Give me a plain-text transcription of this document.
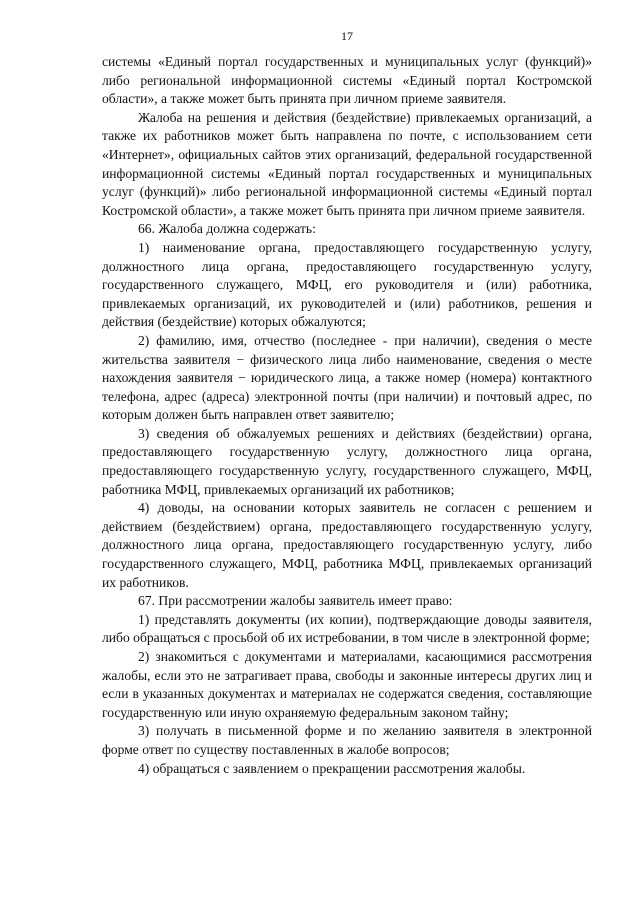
17

системы «Единый портал государственных и муниципальных услуг (функций)» либо региональной информационной системы «Единый портал Костромской области», а также может быть принята при личном приеме заявителя.

Жалоба на решения и действия (бездействие) привлекаемых организаций, а также их работников может быть направлена по почте, с использованием сети «Интернет», официальных сайтов этих организаций, федеральной государственной информационной системы «Единый портал государственных и муниципальных услуг (функций)» либо региональной информационной системы «Единый портал Костромской области», а также может быть принята при личном приеме заявителя.

66. Жалоба должна содержать:

1) наименование органа, предоставляющего государственную услугу, должностного лица органа, предоставляющего государственную услугу, государственного служащего, МФЦ, его руководителя и (или) работника, привлекаемых организаций, их руководителей и (или) работников, решения и действия (бездействие) которых обжалуются;

2) фамилию, имя, отчество (последнее - при наличии), сведения о месте жительства заявителя − физического лица либо наименование, сведения о месте нахождения заявителя − юридического лица, а также номер (номера) контактного телефона, адрес (адреса) электронной почты (при наличии) и почтовый адрес, по которым должен быть направлен ответ заявителю;

3) сведения об обжалуемых решениях и действиях (бездействии) органа, предоставляющего государственную услугу, должностного лица органа, предоставляющего государственную услугу, государственного служащего, МФЦ, работника МФЦ, привлекаемых организаций их работников;

4) доводы, на основании которых заявитель не согласен с решением и действием (бездействием) органа, предоставляющего государственную услугу, должностного лица органа, предоставляющего государственную услугу, либо государственного служащего, МФЦ, работника МФЦ, привлекаемых организаций их работников.

67. При рассмотрении жалобы заявитель имеет право:

1) представлять документы (их копии), подтверждающие доводы заявителя, либо обращаться с просьбой об их истребовании, в том числе в электронной форме;

2) знакомиться с документами и материалами, касающимися рассмотрения жалобы, если это не затрагивает права, свободы и законные интересы других лиц и если в указанных документах и материалах не содержатся сведения, составляющие государственную или иную охраняемую федеральным законом тайну;

3) получать в письменной форме и по желанию заявителя в электронной форме ответ по существу поставленных в жалобе вопросов;

4) обращаться с заявлением о прекращении рассмотрения жалобы.
